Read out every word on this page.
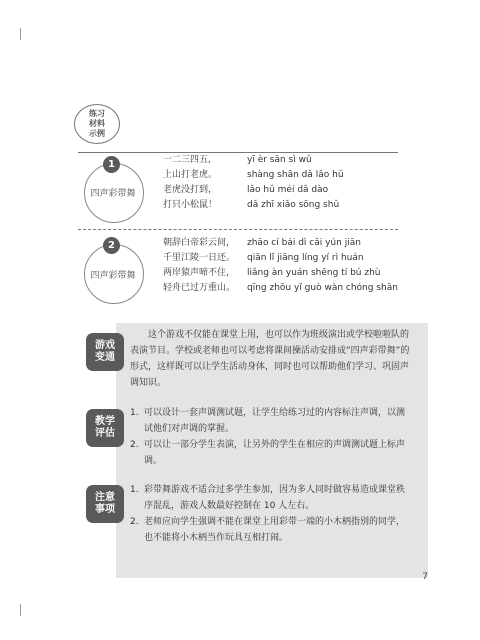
练习
材料
示例
1
四声彩带舞
一二三四五，
上山打老虎。
老虎没打到，
打只小松鼠！
yī èr sān sì wǔ
shàng shān dǎ lǎo hǔ
lǎo hǔ méi dǎ dào
dǎ zhī xiǎo sōng shǔ
2
四声彩带舞
朝辞白帝彩云间，
千里江陵一日还。
两岸猿声啼不住，
轻舟已过万重山。
zhāo cí bái dì cǎi yún jiān
qiān lǐ jiāng líng yí rì huán
liǎng àn yuán shēng tí bú zhù
qīng zhōu yǐ guò wàn chóng shān
游戏
变通
这个游戏不仅能在课堂上用，也可以作为班级演出或学校啦啦队的表演节目。学校或老师也可以考虑将课间操活动安排成“四声彩带舞”的形式，这样既可以让学生活动身体，同时也可以帮助他们学习、巩固声调知识。
教学
评估
1. 可以设计一套声调测试题，让学生给练习过的内容标注声调，以测试他们对声调的掌握。
2. 可以让一部分学生表演，让另外的学生在相应的声调测试题上标声调。
注意
事项
1. 彩带舞游戏不适合过多学生参加，因为多人同时做容易造成课堂秩序混乱，游戏人数最好控制在 10 人左右。
2. 老师应向学生强调不能在课堂上用彩带一端的小木柄指别的同学，也不能将小木柄当作玩具互相打闹。
7
